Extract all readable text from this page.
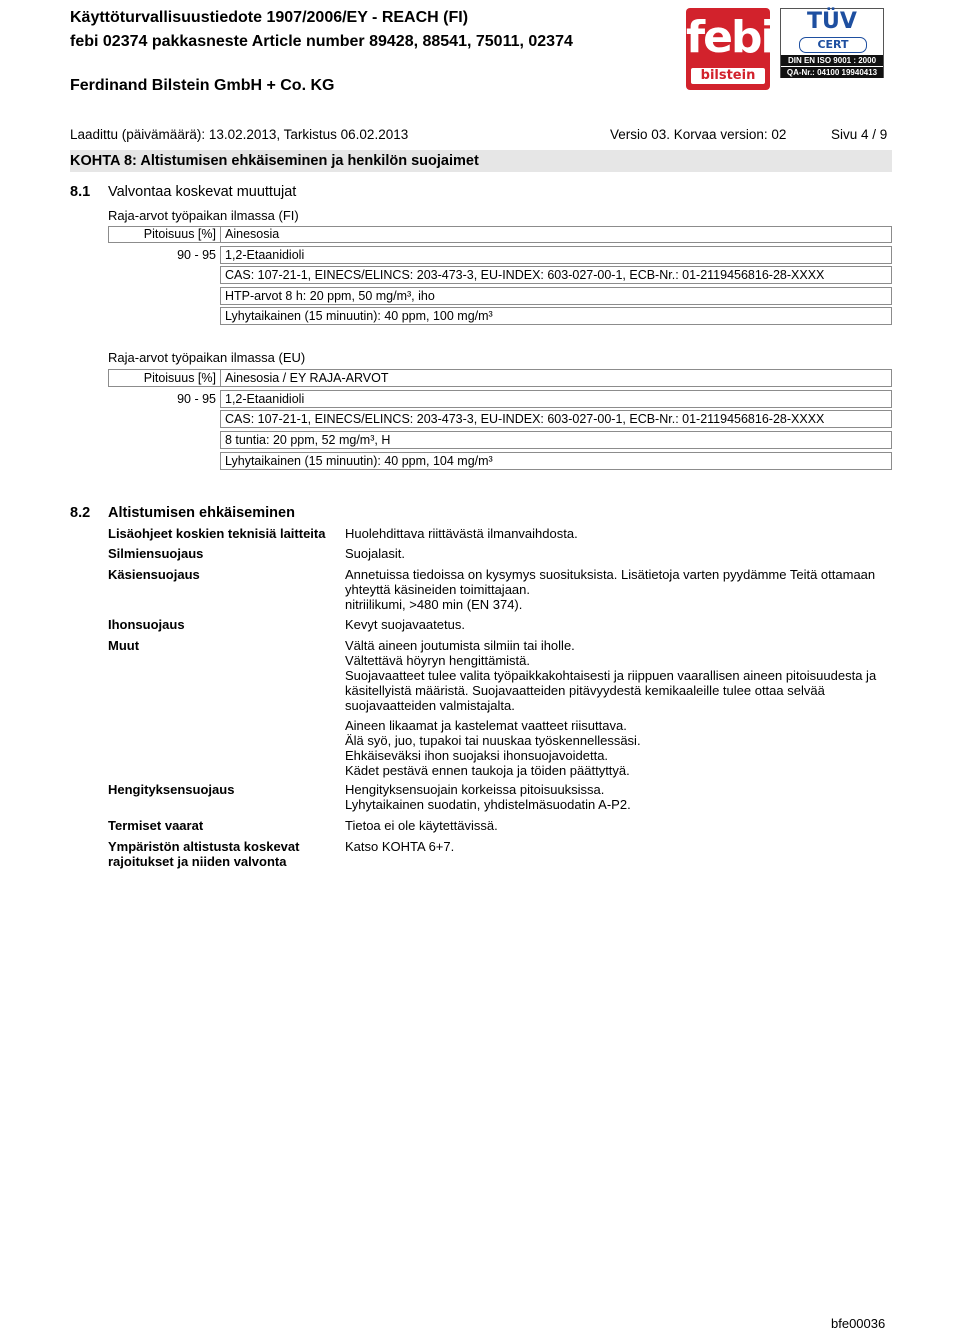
Käyttöturvallisuustiedote 1907/2006/EY - REACH (FI)
febi 02374 pakkasneste Article number 89428, 88541, 75011, 02374
Ferdinand Bilstein GmbH + Co. KG
febi
bilstein
TÜV
CERT
DIN EN ISO 9001 : 2000
QA-Nr.: 04100 19940413
Laadittu (päivämäärä): 13.02.2013, Tarkistus 06.02.2013	Versio 03. Korvaa version: 02	Sivu 4 / 9
KOHTA 8: Altistumisen ehkäiseminen ja henkilön suojaimet
8.1 Valvontaa koskevat muuttujat
Raja-arvot työpaikan ilmassa (FI)
Pitoisuus [%] Ainesosia
90 - 95 1,2-Etaanidioli
CAS: 107-21-1, EINECS/ELINCS: 203-473-3, EU-INDEX: 603-027-00-1, ECB-Nr.: 01-2119456816-28-XXXX
HTP-arvot 8 h: 20 ppm, 50 mg/m³, iho
Lyhytaikainen (15 minuutin): 40 ppm, 100 mg/m³
Raja-arvot työpaikan ilmassa (EU)
Pitoisuus [%] Ainesosia / EY RAJA-ARVOT
90 - 95 1,2-Etaanidioli
CAS: 107-21-1, EINECS/ELINCS: 203-473-3, EU-INDEX: 603-027-00-1, ECB-Nr.: 01-2119456816-28-XXXX
8 tuntia: 20 ppm, 52 mg/m³, H
Lyhytaikainen (15 minuutin): 40 ppm, 104 mg/m³
8.2 Altistumisen ehkäiseminen
Lisäohjeet koskien teknisiä laitteita
Silmiensuojaus
Käsiensuojaus
Ihonsuojaus
Muut
Hengityksensuojaus
Termiset vaarat
Ympäristön altistusta koskevat
rajoitukset ja niiden valvonta
Huolehdittava riittävästä ilmanvaihdosta.
Suojalasit.
Annetuissa tiedoissa on kysymys suosituksista. Lisätietoja varten pyydämme Teitä ottamaan
yhteyttä käsineiden toimittajaan.
nitriilikumi, >480 min (EN 374).
Kevyt suojavaatetus.
Vältä aineen joutumista silmiin tai iholle.
Vältettävä höyryn hengittämistä.
Suojavaatteet tulee valita työpaikkakohtaisesti ja riippuen vaarallisen aineen pitoisuudesta ja
käsitellyistä määristä. Suojavaatteiden pitävyydestä kemikaaleille tulee ottaa selvää
suojavaatteiden valmistajalta.
Aineen likaamat ja kastelemat vaatteet riisuttava.
Älä syö, juo, tupakoi tai nuuskaa työskennellessäsi.
Ehkäiseväksi ihon suojaksi ihonsuojavoidetta.
Kädet pestävä ennen taukoja ja töiden päättyttyä.
Hengityksensuojain korkeissa pitoisuuksissa.
Lyhytaikainen suodatin, yhdistelmäsuodatin A-P2.
Tietoa ei ole käytettävissä.
Katso KOHTA 6+7.
bfe00036
